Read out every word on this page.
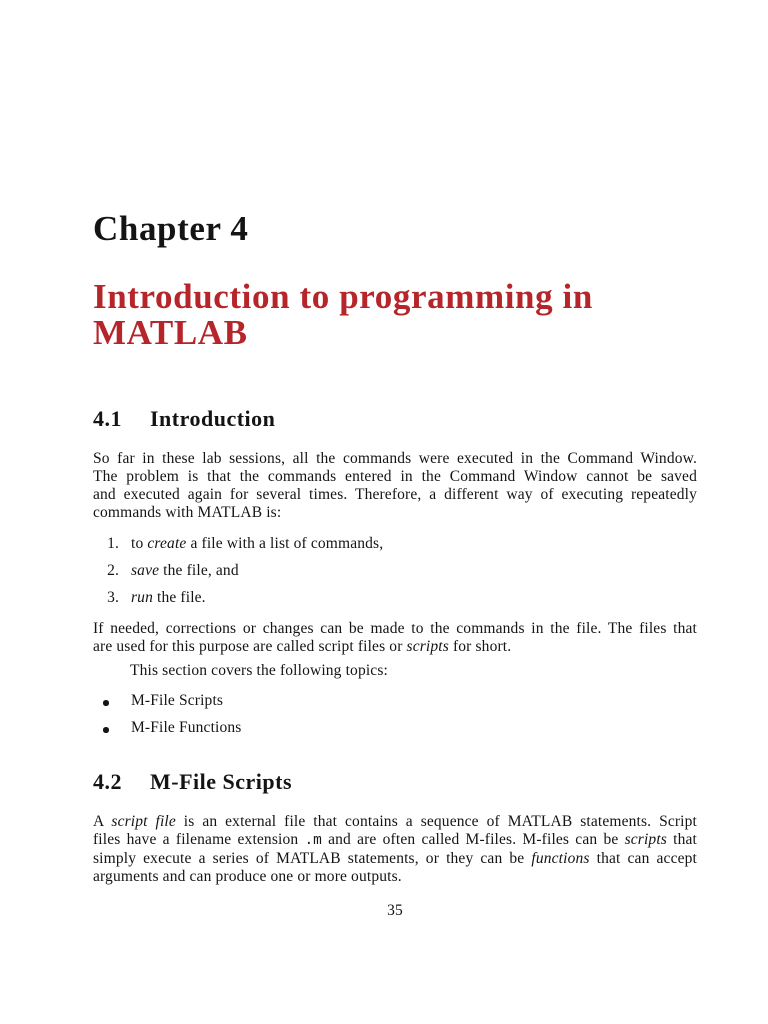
Chapter 4
Introduction to programming in MATLAB
4.1 Introduction
So far in these lab sessions, all the commands were executed in the Command Window.
The problem is that the commands entered in the Command Window cannot be saved
and executed again for several times. Therefore, a different way of executing repeatedly
commands with MATLAB is:
1. to create a file with a list of commands,
2. save the file, and
3. run the file.
If needed, corrections or changes can be made to the commands in the file. The files that
are used for this purpose are called script files or scripts for short.
This section covers the following topics:
M-File Scripts
M-File Functions
4.2 M-File Scripts
A script file is an external file that contains a sequence of MATLAB statements. Script
files have a filename extension .m and are often called M-files. M-files can be scripts that
simply execute a series of MATLAB statements, or they can be functions that can accept
arguments and can produce one or more outputs.
35
